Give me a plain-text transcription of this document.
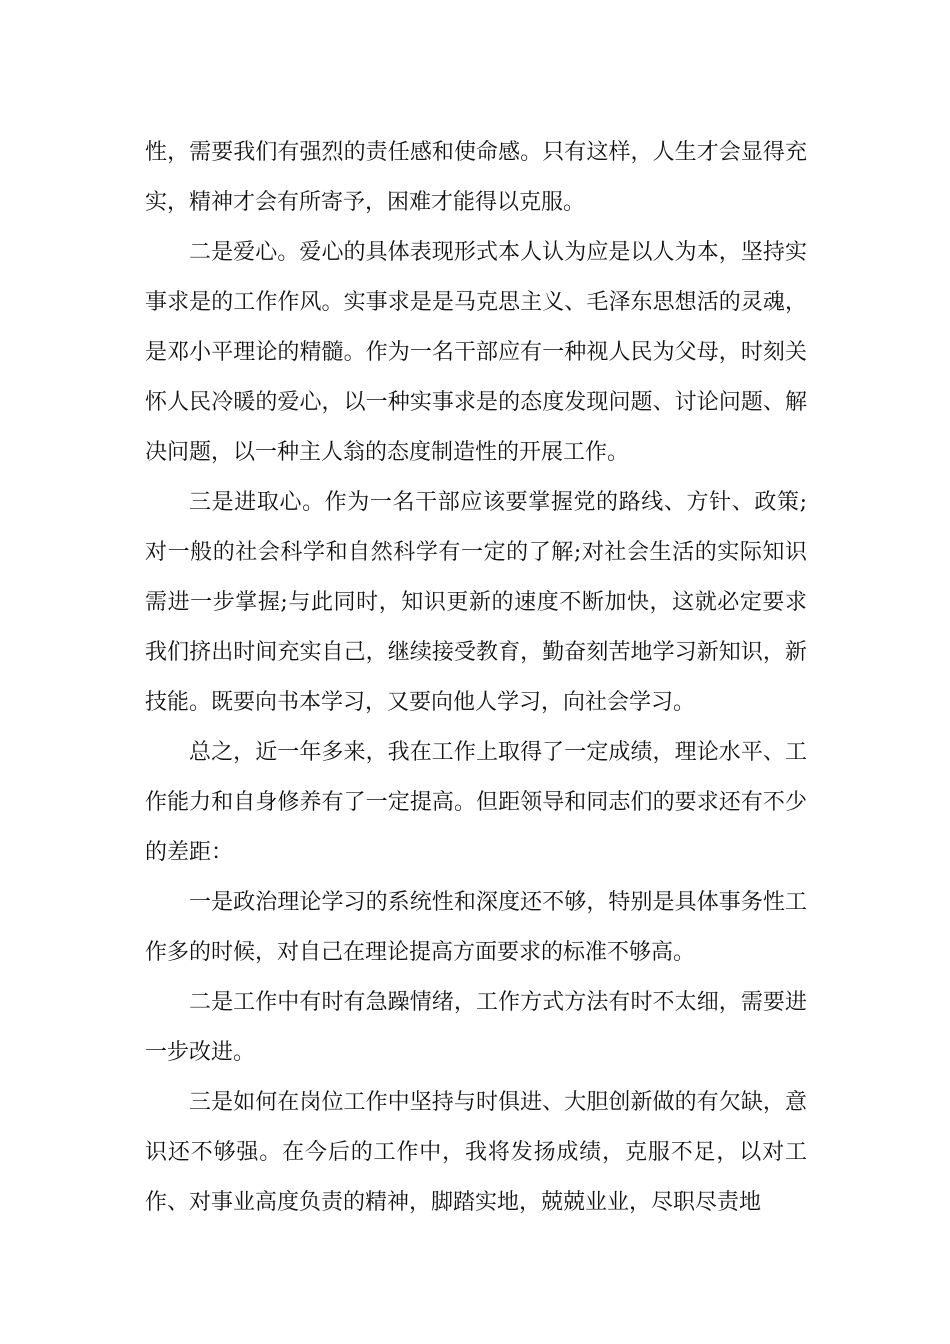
性，需要我们有强烈的责任感和使命感。只有这样，人生才会显得充实，精神才会有所寄予，困难才能得以克服。

二是爱心。爱心的具体表现形式本人认为应是以人为本，坚持实事求是的工作作风。实事求是是马克思主义、毛泽东思想活的灵魂，是邓小平理论的精髓。作为一名干部应有一种视人民为父母，时刻关怀人民冷暖的爱心，以一种实事求是的态度发现问题、讨论问题、解决问题，以一种主人翁的态度制造性的开展工作。

三是进取心。作为一名干部应该要掌握党的路线、方针、政策;对一般的社会科学和自然科学有一定的了解;对社会生活的实际知识需进一步掌握;与此同时，知识更新的速度不断加快，这就必定要求我们挤出时间充实自己，继续接受教育，勤奋刻苦地学习新知识，新技能。既要向书本学习，又要向他人学习，向社会学习。

总之，近一年多来，我在工作上取得了一定成绩，理论水平、工作能力和自身修养有了一定提高。但距领导和同志们的要求还有不少的差距：

一是政治理论学习的系统性和深度还不够，特别是具体事务性工作多的时候，对自己在理论提高方面要求的标准不够高。

二是工作中有时有急躁情绪，工作方式方法有时不太细，需要进一步改进。

三是如何在岗位工作中坚持与时俱进、大胆创新做的有欠缺，意识还不够强。在今后的工作中，我将发扬成绩，克服不足，以对工作、对事业高度负责的精神，脚踏实地，兢兢业业，尽职尽责地
